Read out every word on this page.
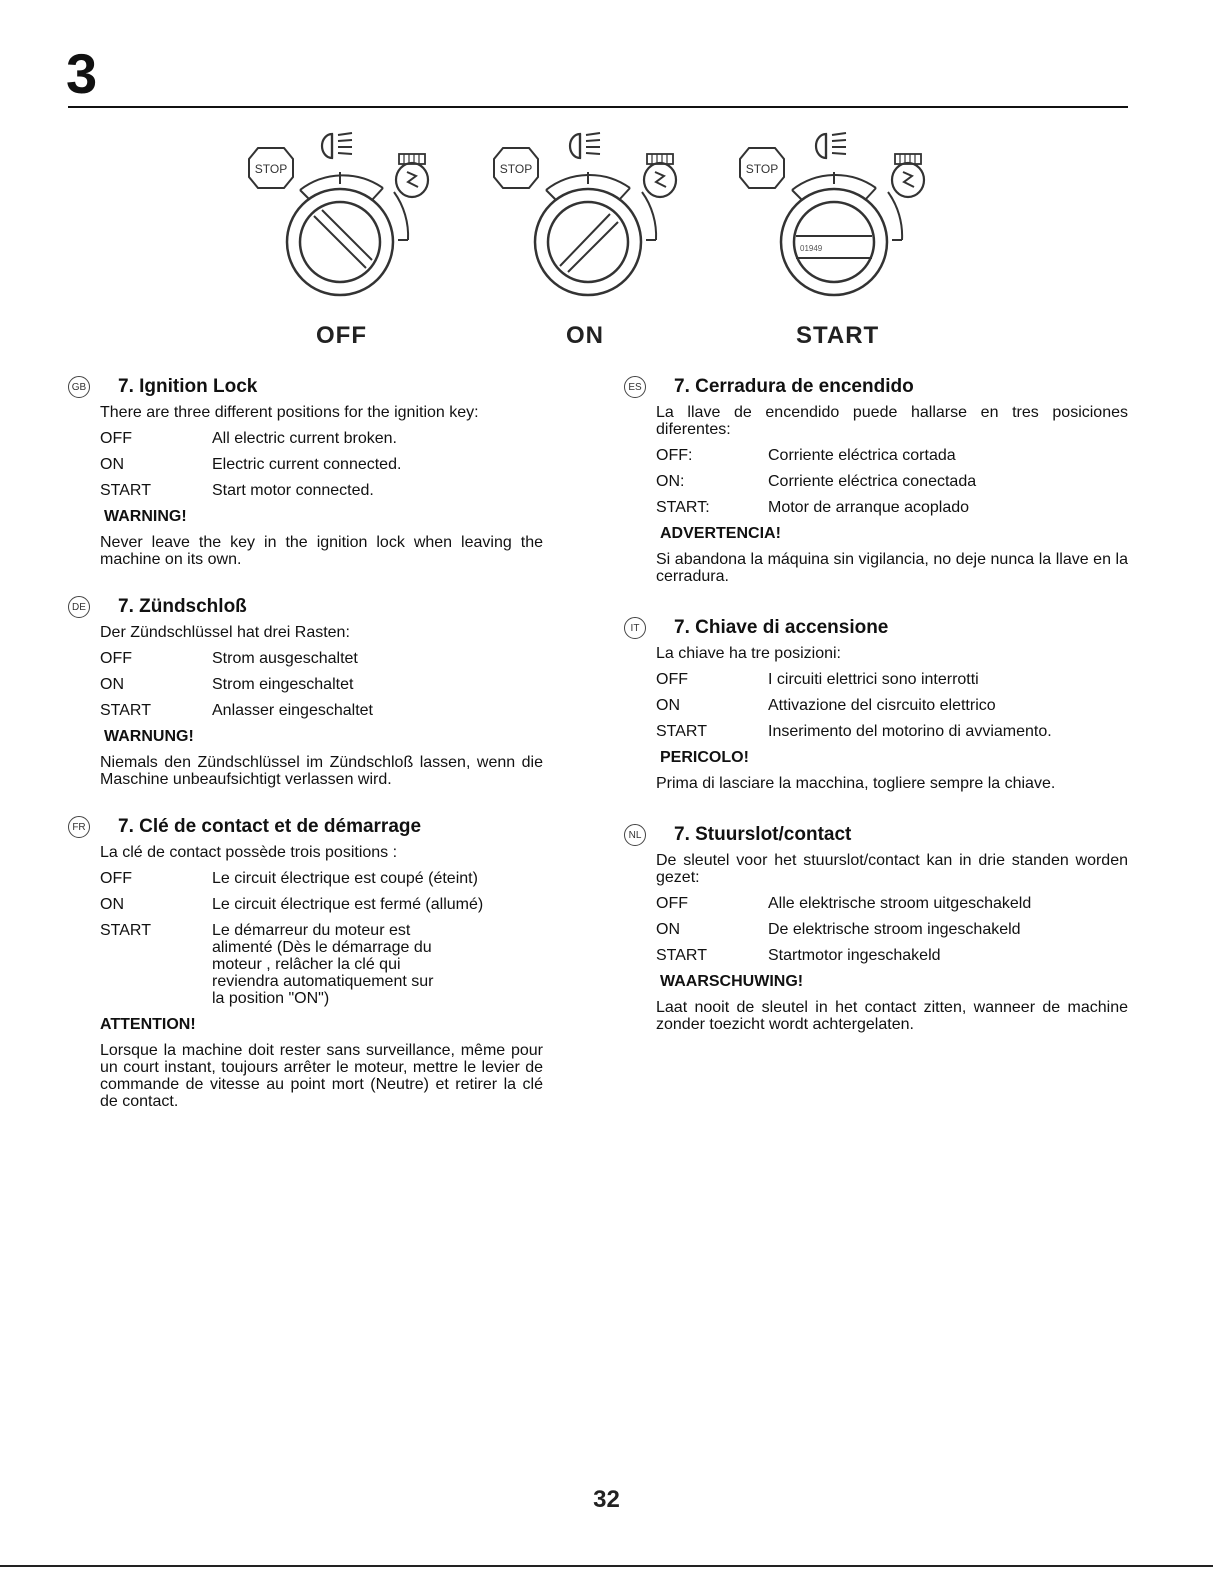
3
STOP	STOP	STOP
01949
OFF	ON	START
GB 7. Ignition Lock
There are three different positions for the ignition key:
OFF	All electric current broken.
ON	Electric current connected.
START	Start motor connected.
WARNING!
Never leave the key in the ignition lock when leaving the machine on its own.
DE 7. Zündschloß
Der Zündschlüssel hat drei Rasten:
OFF	Strom ausgeschaltet
ON	Strom eingeschaltet
START	Anlasser eingeschaltet
WARNUNG!
Niemals den Zündschlüssel im Zündschloß lassen, wenn die Maschine unbeaufsichtigt verlassen wird.
FR 7. Clé de contact et de démarrage
La clé de contact possède trois positions :
OFF	Le circuit électrique est coupé (éteint)
ON	Le circuit électrique est fermé (allumé)
START	Le démarreur du moteur est alimenté (Dès le démarrage du moteur , relâcher la clé qui reviendra automatiquement sur la position "ON")
ATTENTION!
Lorsque la machine doit rester sans surveillance, même pour un court instant, toujours arrêter le moteur, mettre le levier de commande de vitesse au point mort (Neutre) et retirer la clé de contact.
ES 7. Cerradura de encendido
La llave de encendido puede hallarse en tres posiciones diferentes:
OFF:	Corriente eléctrica cortada
ON:	Corriente eléctrica conectada
START:	Motor de arranque acoplado
ADVERTENCIA!
Si abandona la máquina sin vigilancia, no deje nunca la llave en la cerradura.
IT	7. Chiave di accensione
La chiave ha tre posizioni:
OFF	I circuiti elettrici sono interrotti
ON	Attivazione del cisrcuito elettrico
START	Inserimento del motorino di avviamento.
PERICOLO!
Prima di lasciare la macchina, togliere sempre la chiave.
NL 7. Stuurslot/contact
De sleutel voor het stuurslot/contact kan in drie standen worden gezet:
OFF	Alle elektrische stroom uitgeschakeld
ON	De elektrische stroom ingeschakeld
START	Startmotor ingeschakeld
WAARSCHUWING!
Laat nooit de sleutel in het contact zitten, wanneer de machine zonder toezicht wordt achtergelaten.
32
